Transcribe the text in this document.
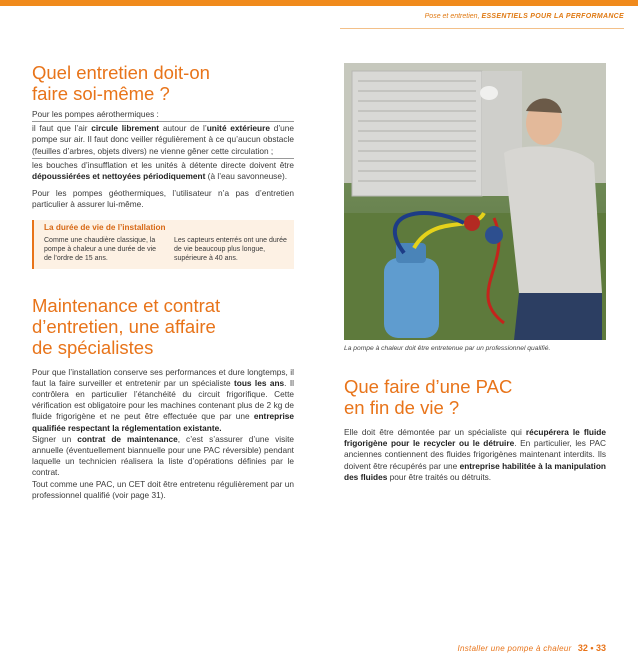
Pose et entretien, ESSENTIELS POUR LA PERFORMANCE
Quel entretien doit-on
faire soi-même ?

Pour les pompes aérothermiques :

il faut que l’air circule librement autour de l’unité extérieure d’une pompe sur air. Il faut donc veiller régulièrement à ce qu’aucun obstacle (feuilles d’arbres, objets divers) ne vienne gêner cette circulation ;

les bouches d’insufflation et les unités à détente directe doivent être dépoussiérées et nettoyées périodiquement (à l’eau savonneuse).

Pour les pompes géothermiques, l’utilisateur n’a pas d’entretien particulier à assurer lui-même.

La durée de vie de l’installation
Comme une chaudière classique, la pompe à chaleur a une durée de vie de l’ordre de 15 ans.
Les capteurs enterrés ont une durée de vie beaucoup plus longue, supérieure à 40 ans.
Maintenance et contrat
d’entretien, une affaire
de spécialistes

Pour que l’installation conserve ses performances et dure longtemps, il faut la faire surveiller et entretenir par un spécialiste tous les ans. Il contrôlera en particulier l’étanchéité du circuit frigorifique. Cette vérification est obligatoire pour les machines contenant plus de 2 kg de fluide frigorigène et ne peut être effectuée que par une entreprise qualifiée respectant la réglementation existante.

Signer un contrat de maintenance, c’est s’assurer d’une visite annuelle (éventuellement biannuelle pour une PAC réversible) pendant laquelle un technicien réalisera la liste d’opérations définies par le contrat.

Tout comme une PAC, un CET doit être entretenu régulièrement par un professionnel qualifié (voir page 31).

La pompe à chaleur doit être entretenue par un professionnel qualifié.
Que faire d’une PAC
en fin de vie ?

Elle doit être démontée par un spécialiste qui récupérera le fluide frigorigène pour le recycler ou le détruire. En particulier, les PAC anciennes contiennent des fluides frigorigènes maintenant interdits. Ils doivent être récupérés par une entreprise habilitée à la manipulation des fluides pour être traités ou détruits.

Installer une pompe à chaleur 32 • 33
